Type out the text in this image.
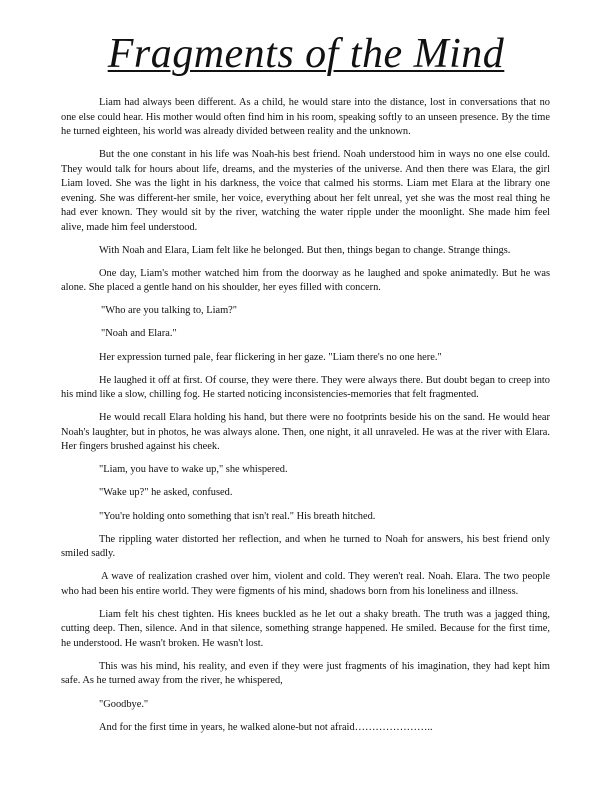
Fragments of the Mind

Liam had always been different. As a child, he would stare into the distance, lost in conversations that no one else could hear. His mother would often find him in his room, speaking softly to an unseen presence. By the time he turned eighteen, his world was already divided between reality and the unknown.

But the one constant in his life was Noah-his best friend. Noah understood him in ways no one else could. They would talk for hours about life, dreams, and the mysteries of the universe. And then there was Elara, the girl Liam loved. She was the light in his darkness, the voice that calmed his storms. Liam met Elara at the library one evening. She was different-her smile, her voice, everything about her felt unreal, yet she was the most real thing he had ever known. They would sit by the river, watching the water ripple under the moonlight. She made him feel alive, made him feel understood.

With Noah and Elara, Liam felt like he belonged. But then, things began to change. Strange things.

One day, Liam's mother watched him from the doorway as he laughed and spoke animatedly. But he was alone. She placed a gentle hand on his shoulder, her eyes filled with concern.

"Who are you talking to, Liam?"

"Noah and Elara."

Her expression turned pale, fear flickering in her gaze. "Liam there's no one here."

He laughed it off at first. Of course, they were there. They were always there. But doubt began to creep into his mind like a slow, chilling fog. He started noticing inconsistencies-memories that felt fragmented.

He would recall Elara holding his hand, but there were no footprints beside his on the sand. He would hear Noah's laughter, but in photos, he was always alone. Then, one night, it all unraveled. He was at the river with Elara. Her fingers brushed against his cheek.

"Liam, you have to wake up," she whispered.

"Wake up?" he asked, confused.

"You're holding onto something that isn't real." His breath hitched.

The rippling water distorted her reflection, and when he turned to Noah for answers, his best friend only smiled sadly.

A wave of realization crashed over him, violent and cold. They weren't real. Noah. Elara. The two people who had been his entire world. They were figments of his mind, shadows born from his loneliness and illness.

Liam felt his chest tighten. His knees buckled as he let out a shaky breath. The truth was a jagged thing, cutting deep. Then, silence. And in that silence, something strange happened. He smiled. Because for the first time, he understood. He wasn't broken. He wasn't lost.

This was his mind, his reality, and even if they were just fragments of his imagination, they had kept him safe. As he turned away from the river, he whispered,

"Goodbye."

And for the first time in years, he walked alone-but not afraid…………………..
